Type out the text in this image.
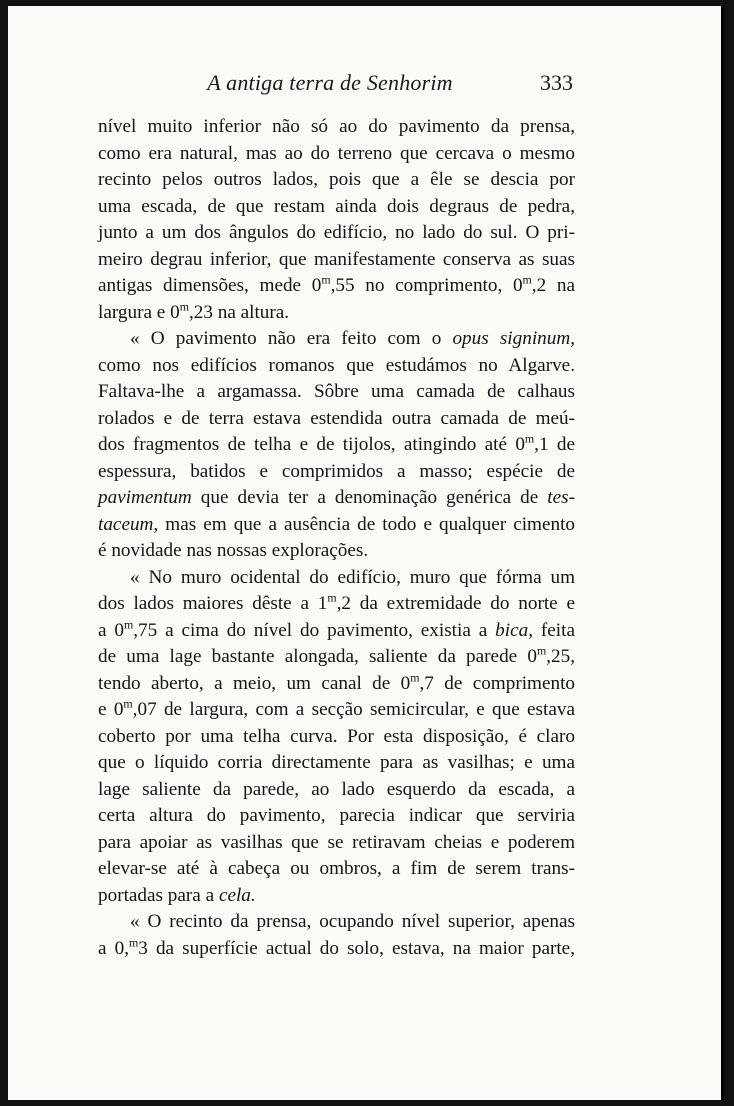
A antiga terra de Senhorim	333
nível muito inferior não só ao do pavimento da prensa,
como era natural, mas ao do terreno que cercava o mesmo
recinto pelos outros lados, pois que a êle se descia por
uma escada, de que restam ainda dois degraus de pedra,
junto a um dos ângulos do edifício, no lado do sul. O pri-
meiro degrau inferior, que manifestamente conserva as suas
antigas dimensões, mede 0$^m$,55 no comprimento, 0$^m$,2 na
largura e 0$^m$,23 na altura.
« O pavimento não era feito com o opus signinum,
como nos edifícios romanos que estudámos no Algarve.
Faltava-lhe a argamassa. Sôbre uma camada de calhaus
rolados e de terra estava estendida outra camada de meú-
dos fragmentos de telha e de tijolos, atingindo até 0$^m$,1 de
espessura, batidos e comprimidos a masso; espécie de
pavimentum que devia ter a denominação genérica de tes-
taceum, mas em que a ausência de todo e qualquer cimento
é novidade nas nossas explorações.
« No muro ocidental do edifício, muro que fórma um
dos lados maiores dêste a 1$^m$,2 da extremidade do norte e
a 0$^m$,75 a cima do nível do pavimento, existia a bica, feita
de uma lage bastante alongada, saliente da parede 0$^m$,25,
tendo aberto, a meio, um canal de 0$^m$,7 de comprimento
e 0$^m$,07 de largura, com a secção semicircular, e que estava
coberto por uma telha curva. Por esta disposição, é claro
que o líquido corria directamente para as vasilhas; e uma
lage saliente da parede, ao lado esquerdo da escada, a
certa altura do pavimento, parecia indicar que serviria
para apoiar as vasilhas que se retiravam cheias e poderem
elevar-se até à cabeça ou ombros, a fim de serem trans-
portadas para a cela.
« O recinto da prensa, ocupando nível superior, apenas
a 0,$^m$3 da superfície actual do solo, estava, na maior parte,
